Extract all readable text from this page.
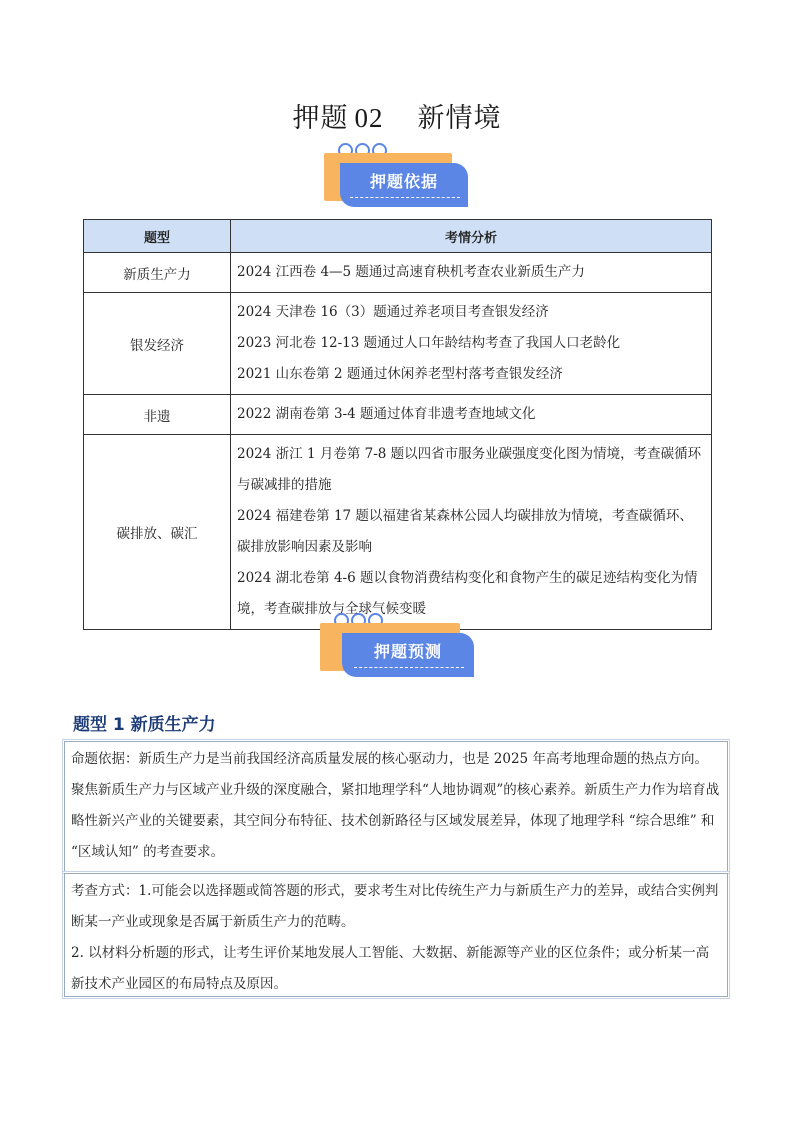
押题 02 新情境
押题依据
题型	考情分析
新质生产力	2024 江西卷 4—5 题通过高速育秧机考查农业新质生产力

银发经济	2024 天津卷 16（3）题通过养老项目考查银发经济
2023 河北卷 12-13 题通过人口年龄结构考查了我国人口老龄化
2021 山东卷第 2 题通过休闲养老型村落考查银发经济

非遗	2022 湖南卷第 3-4 题通过体育非遗考查地域文化

碳排放、碳汇	2024 浙江 1 月卷第 7-8 题以四省市服务业碳强度变化图为情境，考查碳循环与碳减排的措施
2024 福建卷第 17 题以福建省某森林公园人均碳排放为情境，考查碳循环、碳排放影响因素及影响
2024 湖北卷第 4-6 题以食物消费结构变化和食物产生的碳足迹结构变化为情境，考查碳排放与全球气候变暖
押题预测
题型 1 新质生产力
命题依据：新质生产力是当前我国经济高质量发展的核心驱动力，也是 2025 年高考地理命题的热点方向。聚焦新质生产力与区域产业升级的深度融合，紧扣地理学科“人地协调观”的核心素养。新质生产力作为培育战略性新兴产业的关键要素，其空间分布特征、技术创新路径与区域发展差异，体现了地理学科 “综合思维” 和 “区域认知” 的考查要求。
考查方式：1.可能会以选择题或简答题的形式，要求考生对比传统生产力与新质生产力的差异，或结合实例判断某一产业或现象是否属于新质生产力的范畴。
2. 以材料分析题的形式，让考生评价某地发展人工智能、大数据、新能源等产业的区位条件；或分析某一高新技术产业园区的布局特点及原因。
